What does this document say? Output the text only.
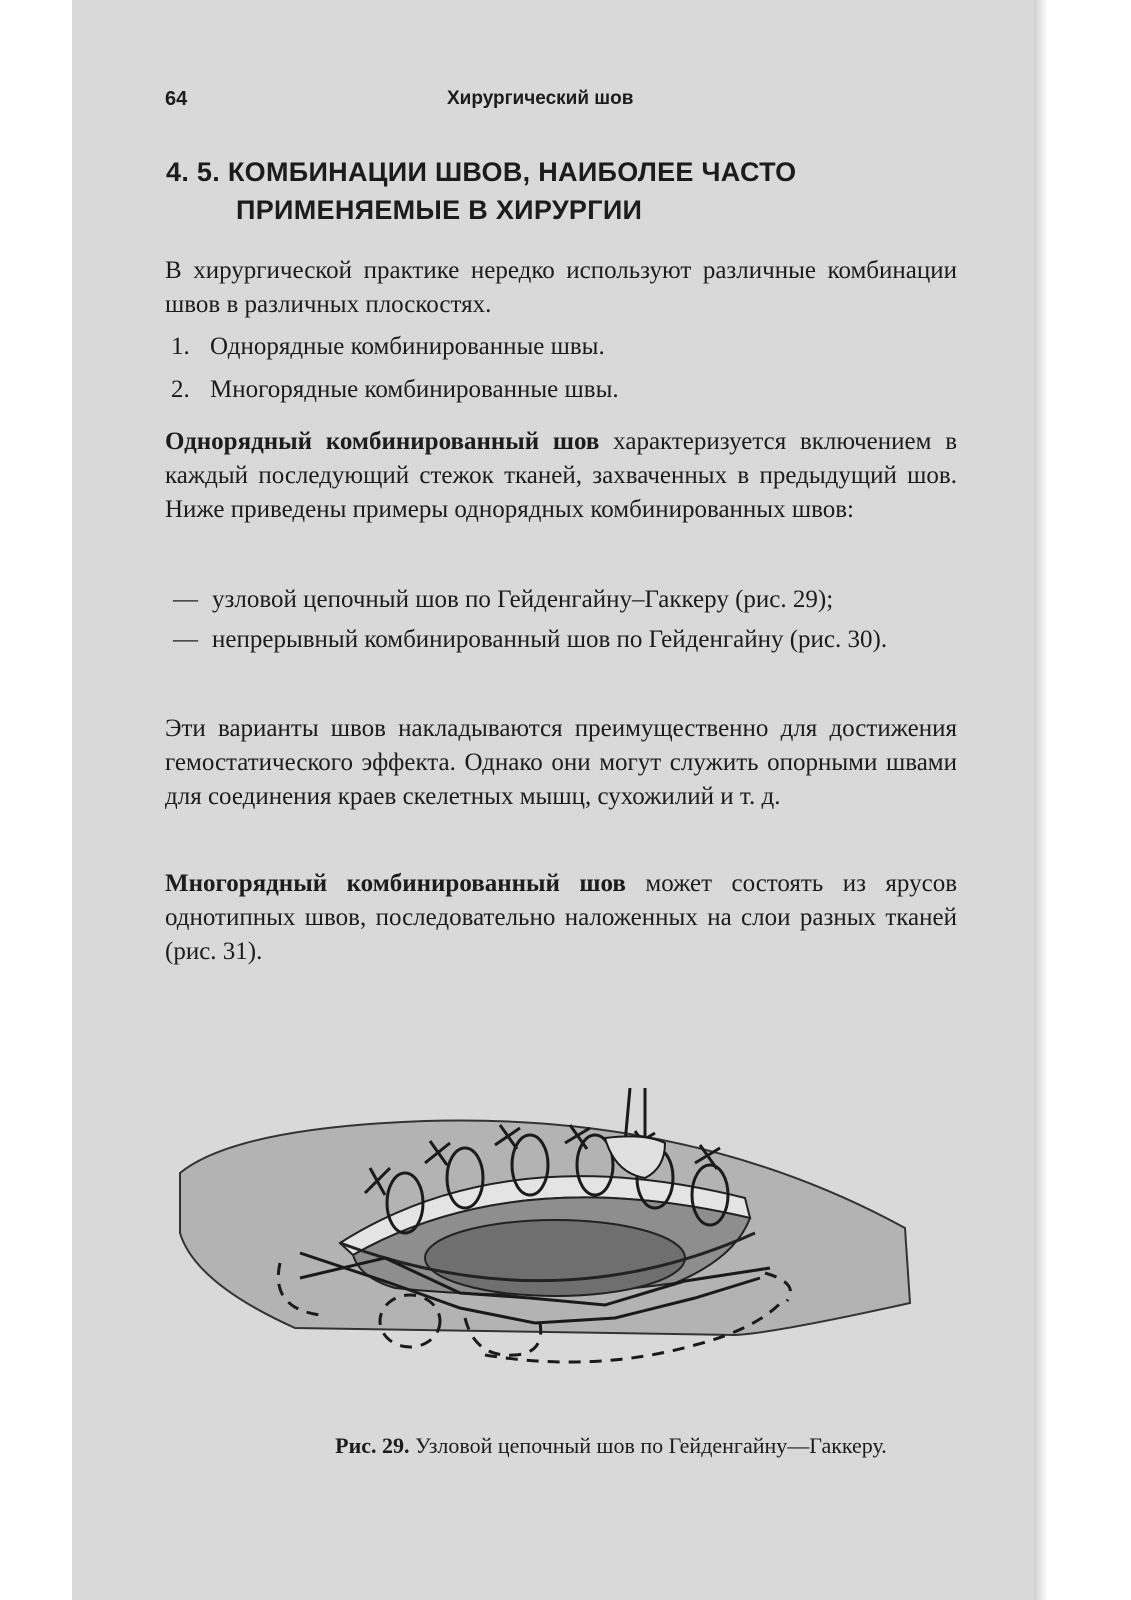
64	Хирургический шов
4. 5. КОМБИНАЦИИ ШВОВ, НАИБОЛЕЕ ЧАСТО
ПРИМЕНЯЕМЫЕ В ХИРУРГИИ
В хирургической практике нередко используют различные комбинации швов в различных плоскостях.
1. Однорядные комбинированные швы.
2. Многорядные комбинированные швы.
Однорядный комбинированный шов характеризуется включением в каждый последующий стежок тканей, захваченных в предыдущий шов. Ниже приведены примеры однорядных комбинированных швов:
— узловой цепочный шов по Гейденгайну–Гаккеру (рис. 29);
— непрерывный комбинированный шов по Гейденгайну (рис. 30).
Эти варианты швов накладываются преимущественно для достижения гемостатического эффекта. Однако они могут служить опорными швами для соединения краев скелетных мышц, сухожилий и т. д.
Многорядный комбинированный шов может состоять из ярусов однотипных швов, последовательно наложенных на слои разных тканей (рис. 31).
Рис. 29. Узловой цепочный шов по Гейденгайну—Гаккеру.
